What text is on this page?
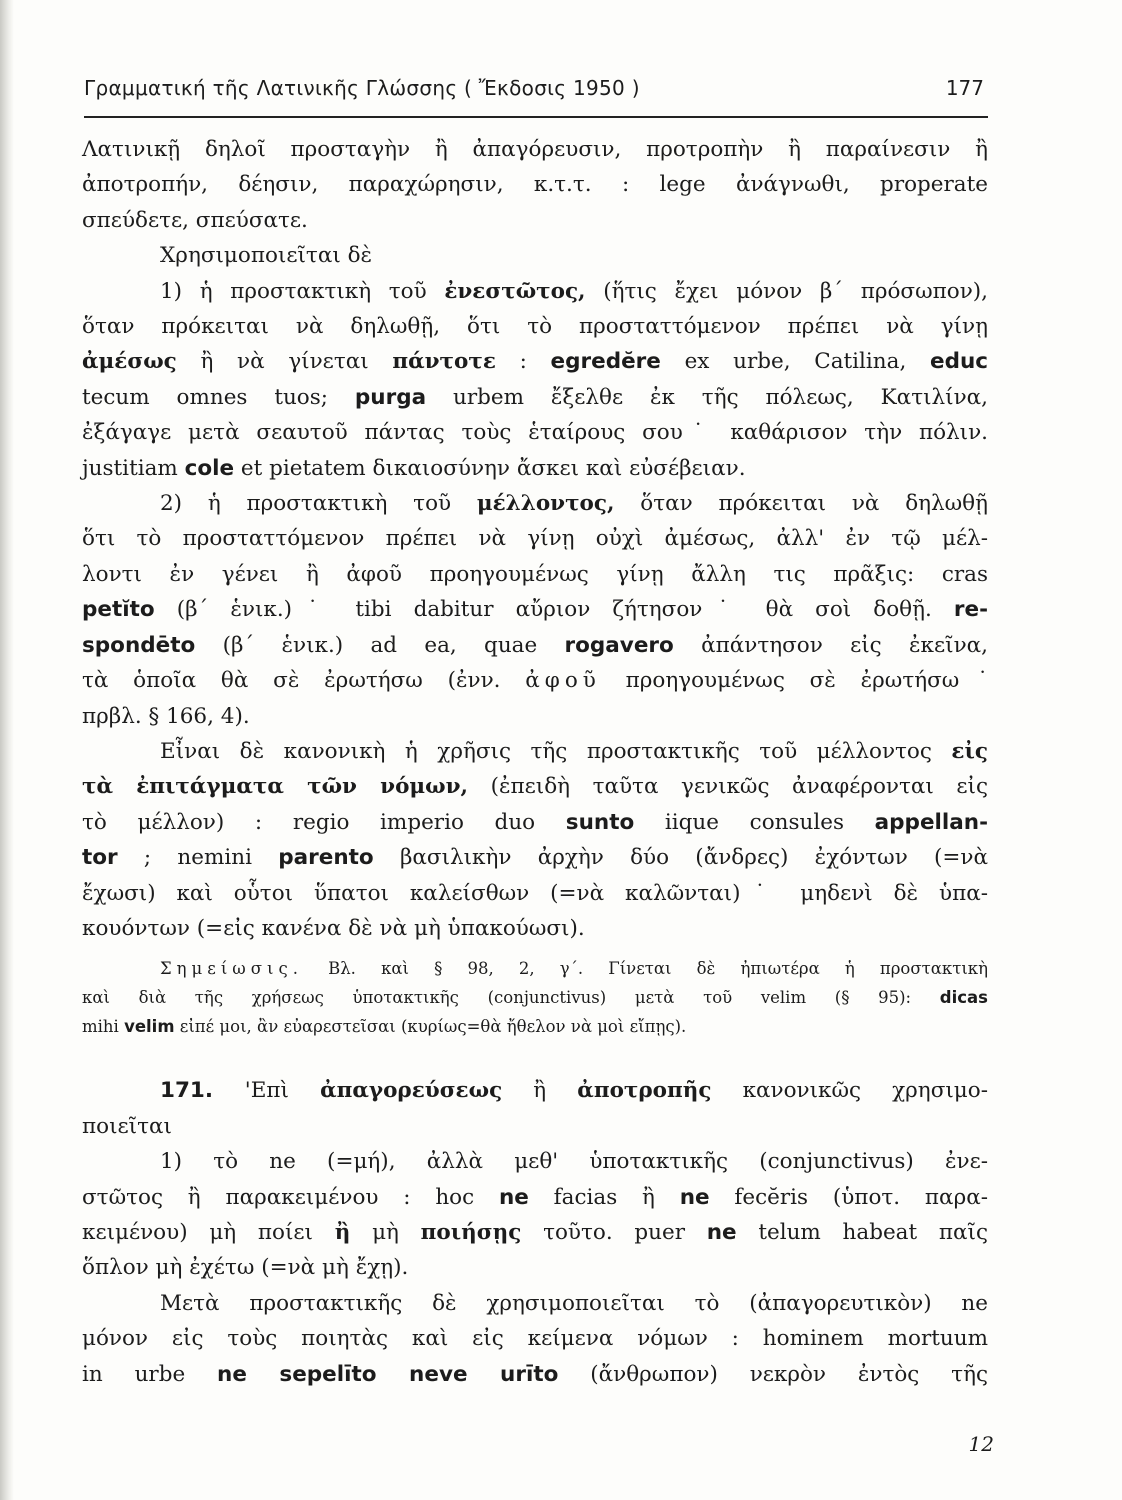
Γραμματική τῆς Λατινικῆς Γλώσσης ( Ἔκδοσις 1950 )	177

Λατινικῇ δηλοῖ προσταγὴν ἢ ἀπαγόρευσιν, προτροπὴν ἢ παραίνεσιν ἢ

ἀποτροπήν, δέησιν, παραχώρησιν, κ.τ.τ. : lege ἀνάγνωθι, properate

σπεύδετε, σπεύσατε.

Χρησιμοποιεῖται δὲ

1) ἡ προστακτικὴ τοῦ ἐνεστῶτος, (ἥτις ἔχει μόνον β΄ πρόσωπον),

ὅταν πρόκειται νὰ δηλωθῇ, ὅτι τὸ προσταττόμενον πρέπει νὰ γίνῃ

ἀμέσως ἢ νὰ γίνεται πάντοτε : egredĕre ex urbe, Catilina, educ

tecum omnes tuos; purga urbem ἔξελθε ἐκ τῆς πόλεως, Κατιλίνα,

ἐξάγαγε μετὰ σεαυτοῦ πάντας τοὺς ἑταίρους σου˙ καθάρισον τὴν πόλιν.

justitiam cole et pietatem δικαιοσύνην ἄσκει καὶ εὐσέβειαν.

2) ἡ προστακτικὴ τοῦ μέλλοντος, ὅταν πρόκειται νὰ δηλωθῇ

ὅτι τὸ προσταττόμενον πρέπει νὰ γίνῃ οὐχὶ ἀμέσως, ἀλλ' ἐν τῷ μέλ-

λοντι ἐν γένει ἢ ἀφοῦ προηγουμένως γίνῃ ἄλλη τις πρᾶξις: cras

petĭto (β΄ ἑνικ.)˙ tibi dabitur αὔριον ζήτησον˙ θὰ σοὶ δοθῇ. re-

spondēto (β΄ ἑνικ.) ad ea, quae rogavero ἀπάντησον εἰς ἐκεῖνα,

τὰ ὁποῖα θὰ σὲ ἐρωτήσω (ἐνν. ἀφοῦ προηγουμένως σὲ ἐρωτήσω˙

πρβλ. § 166, 4).

Εἶναι δὲ κανονικὴ ἡ χρῆσις τῆς προστακτικῆς τοῦ μέλλοντος εἰς

τὰ ἐπιτάγματα τῶν νόμων, (ἐπειδὴ ταῦτα γενικῶς ἀναφέρονται εἰς

τὸ μέλλον) : regio imperio duo sunto iique consules appellan-

tor ; nemini parento βασιλικὴν ἀρχὴν δύο (ἄνδρες) ἐχόντων (=νὰ

ἔχωσι) καὶ οὗτοι ὕπατοι καλείσθων (=νὰ καλῶνται)˙ μηδενὶ δὲ ὑπα-

κουόντων (=εἰς κανένα δὲ νὰ μὴ ὑπακούωσι).

Σημείωσις. Βλ. καὶ § 98, 2, γ΄. Γίνεται δὲ ἠπιωτέρα ἡ προστακτικὴ

καὶ διὰ τῆς χρήσεως ὑποτακτικῆς (conjunctivus) μετὰ τοῦ velim (§ 95): dicas

mihi velim εἰπέ μοι, ἂν εὐαρεστεῖσαι (κυρίως=θὰ ἤθελον νὰ μοὶ εἴπῃς).

171. 'Επὶ ἀπαγορεύσεως ἢ ἀποτροπῆς κανονικῶς χρησιμο-

ποιεῖται

1) τὸ ne (=μή), ἀλλὰ μεθ' ὑποτακτικῆς (conjunctivus) ἐνε-

στῶτος ἢ παρακειμένου : hoc ne facias ἢ ne fecĕris (ὑποτ. παρα-

κειμένου) μὴ ποίει ἢ μὴ ποιήσῃς τοῦτο. puer ne telum habeat παῖς

ὅπλον μὴ ἐχέτω (=νὰ μὴ ἔχῃ).

Μετὰ προστακτικῆς δὲ χρησιμοποιεῖται τὸ (ἀπαγορευτικὸν) ne

μόνον εἰς τοὺς ποιητὰς καὶ εἰς κείμενα νόμων : hominem mortuum

in urbe ne sepelīto neve urīto (ἄνθρωπον) νεκρὸν ἐντὸς τῆς

12
